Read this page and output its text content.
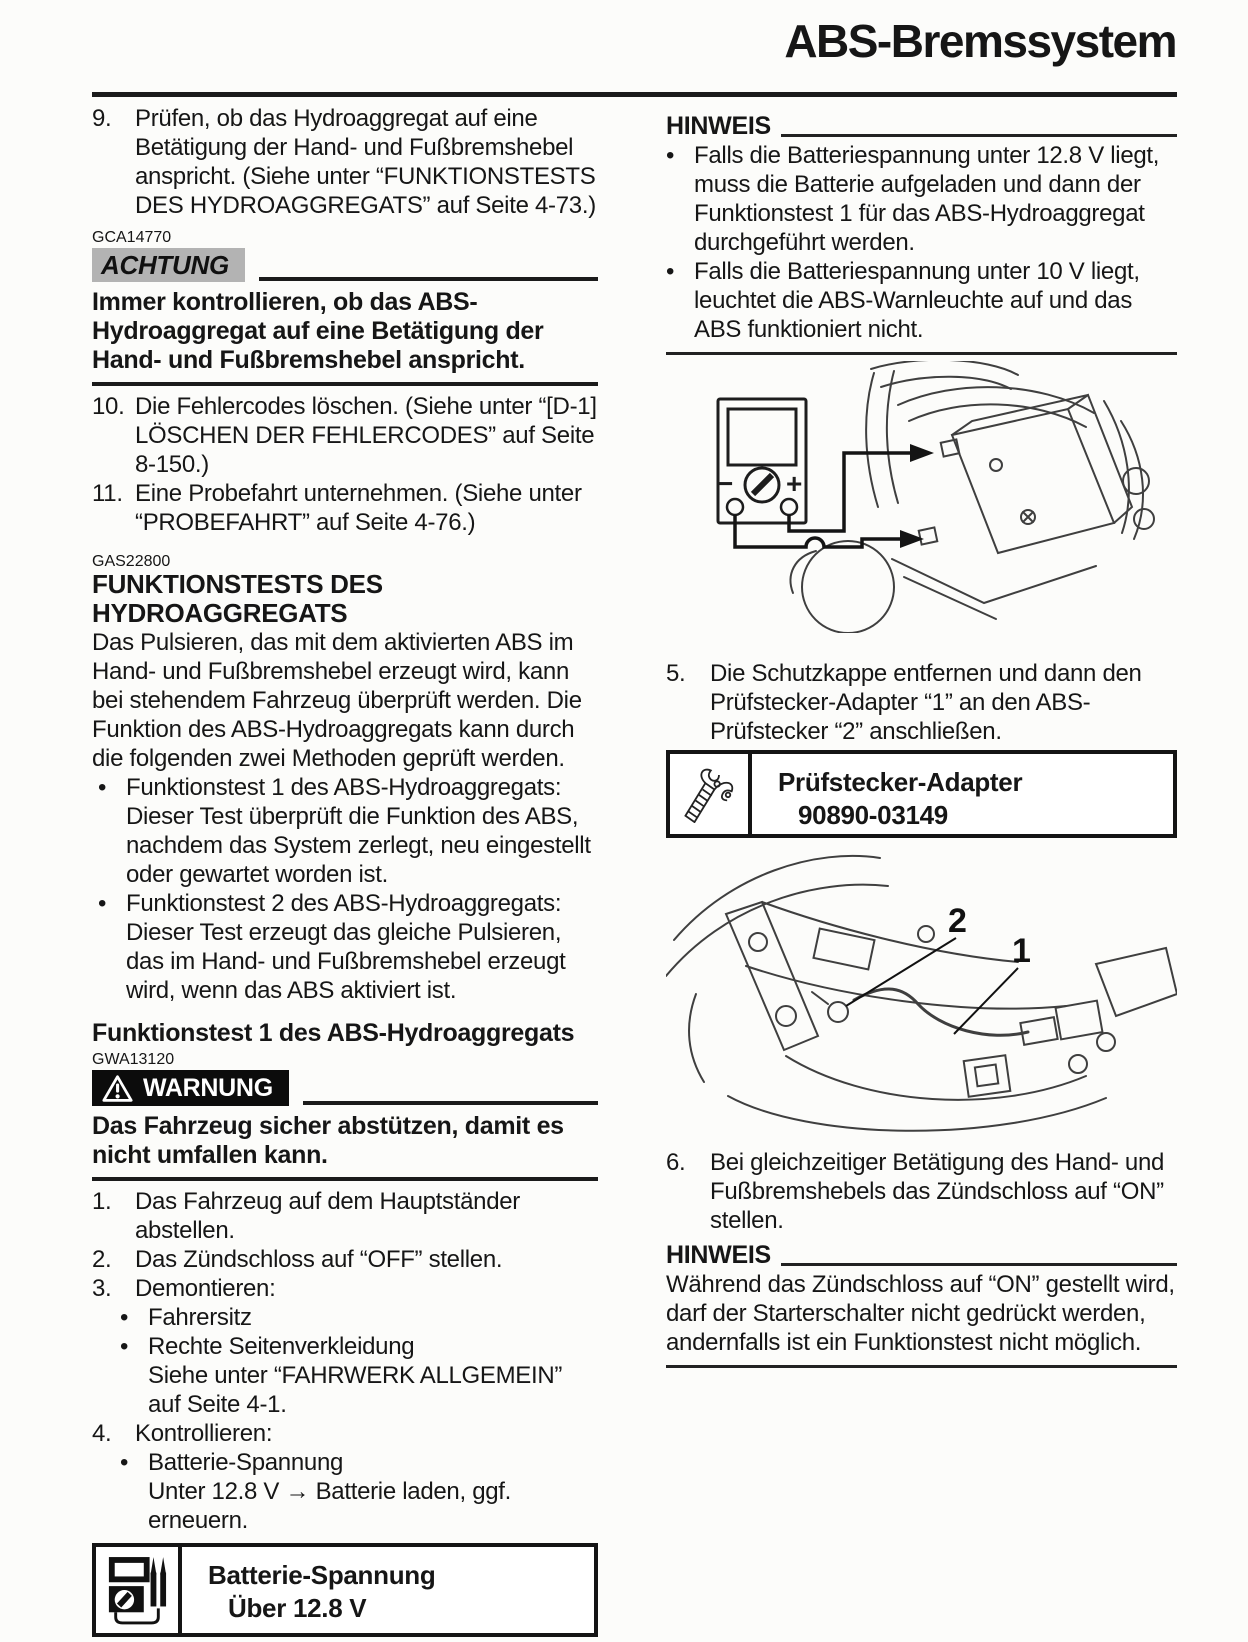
ABS-Bremssystem
9. Prüfen, ob das Hydroaggregat auf eine Betätigung der Hand- und Fußbremshebel anspricht. (Siehe unter “FUNKTIONSTESTS DES HYDROAGGREGATS” auf Seite 4-73.)
GCA14770
ACHTUNG
Immer kontrollieren, ob das ABS-Hydroaggregat auf eine Betätigung der Hand- und Fußbremshebel anspricht.
10. Die Fehlercodes löschen. (Siehe unter “[D-1] LÖSCHEN DER FEHLERCODES” auf Seite 8-150.)
11. Eine Probefahrt unternehmen. (Siehe unter “PROBEFAHRT” auf Seite 4-76.)
GAS22800
FUNKTIONSTESTS DES HYDROAGGREGATS
Das Pulsieren, das mit dem aktivierten ABS im Hand- und Fußbremshebel erzeugt wird, kann bei stehendem Fahrzeug überprüft werden. Die Funktion des ABS-Hydroaggregats kann durch die folgenden zwei Methoden geprüft werden.
• Funktionstest 1 des ABS-Hydroaggregats: Dieser Test überprüft die Funktion des ABS, nachdem das System zerlegt, neu eingestellt oder gewartet worden ist.
• Funktionstest 2 des ABS-Hydroaggregats: Dieser Test erzeugt das gleiche Pulsieren, das im Hand- und Fußbremshebel erzeugt wird, wenn das ABS aktiviert ist.
Funktionstest 1 des ABS-Hydroaggregats
GWA13120
WARNUNG
Das Fahrzeug sicher abstützen, damit es nicht umfallen kann.
1. Das Fahrzeug auf dem Hauptständer abstellen.
2. Das Zündschloss auf “OFF” stellen.
3. Demontieren:
• Fahrersitz
• Rechte Seitenverkleidung
Siehe unter “FAHRWERK ALLGEMEIN” auf Seite 4-1.
4. Kontrollieren:
• Batterie-Spannung
Unter 12.8 V → Batterie laden, ggf. erneuern.
Batterie-Spannung
Über 12.8 V
HINWEIS
• Falls die Batteriespannung unter 12.8 V liegt, muss die Batterie aufgeladen und dann der Funktionstest 1 für das ABS-Hydroaggregat durchgeführt werden.
• Falls die Batteriespannung unter 10 V liegt, leuchtet die ABS-Warnleuchte auf und das ABS funktioniert nicht.
− +
5.	Die Schutzkappe entfernen und dann den Prüfstecker-Adapter “1” an den ABS-Prüfstecker “2” anschließen.
Prüfstecker-Adapter
90890-03149
2
1
6.	Bei gleichzeitiger Betätigung des Hand- und Fußbremshebels das Zündschloss auf “ON” stellen.
HINWEIS
Während das Zündschloss auf “ON” gestellt wird, darf der Starterschalter nicht gedrückt werden, andernfalls ist ein Funktionstest nicht möglich.
